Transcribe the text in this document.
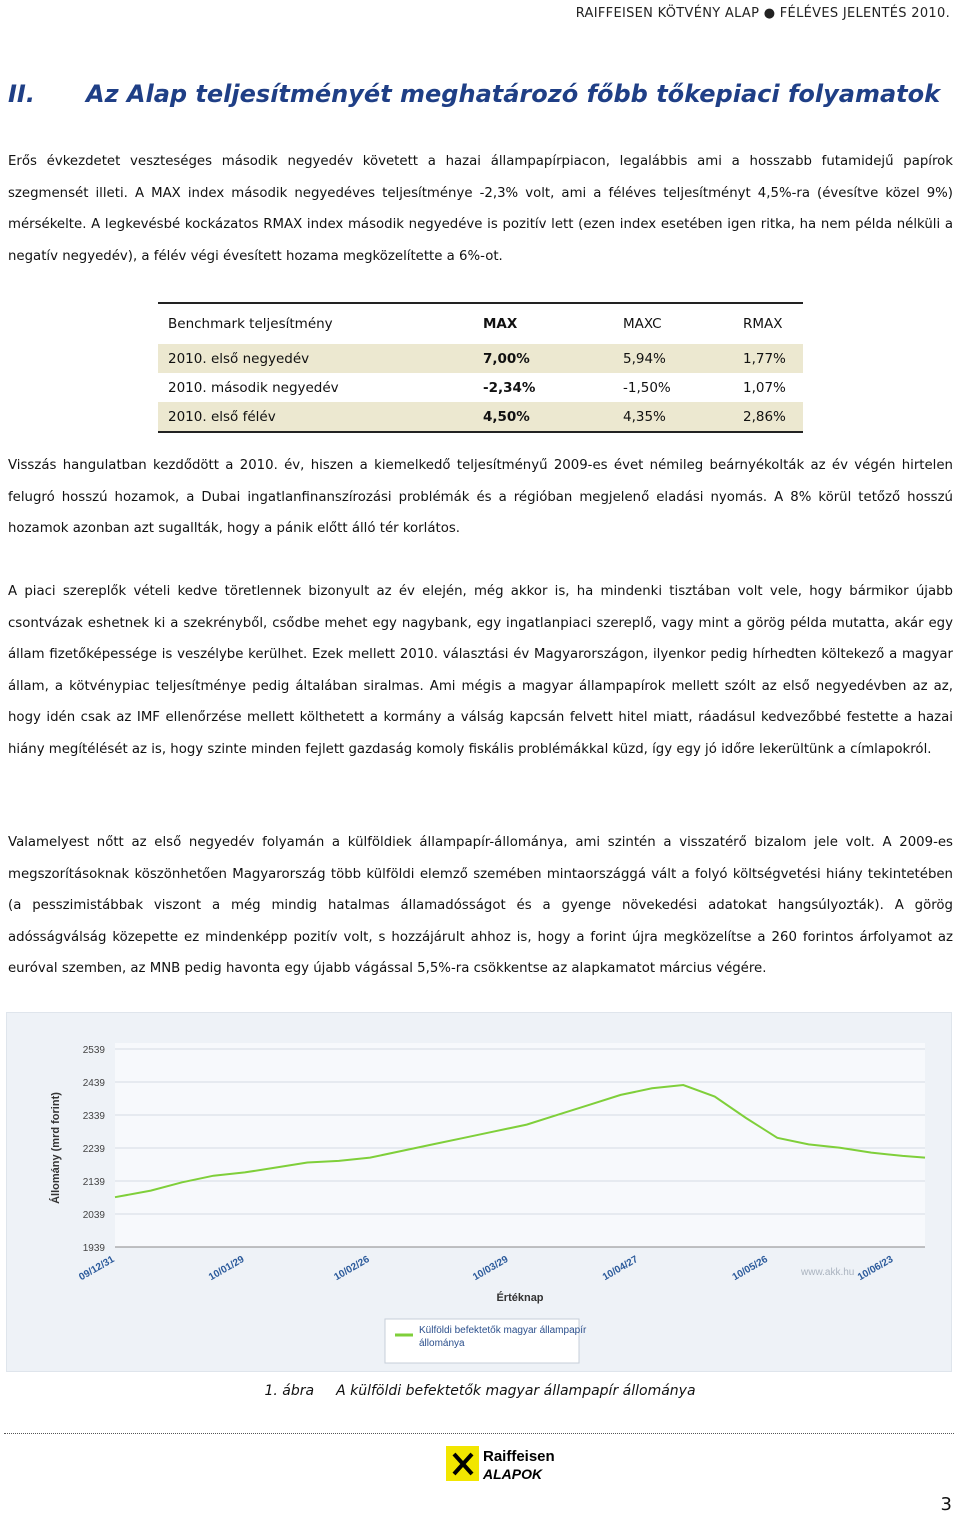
RAIFFEISEN KÖTVÉNY ALAP ● FÉLÉVES JELENTÉS 2010.
II. Az Alap teljesítményét meghatározó főbb tőkepiaci folyamatok

Erős évkezdetet veszteséges második negyedév követett a hazai állampapírpiacon, legalábbis ami a hosszabb futamidejű papírok szegmensét illeti. A MAX index második negyedéves teljesítménye -2,3% volt, ami a féléves teljesítményt 4,5%-ra (évesítve közel 9%) mérsékelte. A legkevésbé kockázatos RMAX index második negyedéve is pozitív lett (ezen index esetében igen ritka, ha nem példa nélküli a negatív negyedév), a félév végi évesített hozama megközelítette a 6%-ot.

Benchmark teljesítmény	MAX	MAXC	RMAX
2010. első negyedév	7,00%	5,94%	1,77%
2010. második negyedév	-2,34%	-1,50%	1,07%
2010. első félév	4,50%	4,35%	2,86%

Visszás hangulatban kezdődött a 2010. év, hiszen a kiemelkedő teljesítményű 2009-es évet némileg beárnyékolták az év végén hirtelen felugró hosszú hozamok, a Dubai ingatlanfinanszírozási problémák és a régióban megjelenő eladási nyomás. A 8% körül tetőző hosszú hozamok azonban azt sugallták, hogy a pánik előtt álló tér korlátos.

A piaci szereplők vételi kedve töretlennek bizonyult az év elején, még akkor is, ha mindenki tisztában volt vele, hogy bármikor újabb csontvázak eshetnek ki a szekrényből, csődbe mehet egy nagybank, egy ingatlanpiaci szereplő, vagy mint a görög példa mutatta, akár egy állam fizetőképessége is veszélybe kerülhet. Ezek mellett 2010. választási év Magyarországon, ilyenkor pedig hírhedten költekező a magyar állam, a kötvénypiac teljesítménye pedig általában siralmas. Ami mégis a magyar állampapírok mellett szólt az első negyedévben az az, hogy idén csak az IMF ellenőrzése mellett költhetett a kormány a válság kapcsán felvett hitel miatt, ráadásul kedvezőbbé festette a hazai hiány megítélését az is, hogy szinte minden fejlett gazdaság komoly fiskális problémákkal küzd, így egy jó időre lekerültünk a címlapokról.

Valamelyest nőtt az első negyedév folyamán a külföldiek állampapír-állománya, ami szintén a visszatérő bizalom jele volt. A 2009-es megszorításoknak köszönhetően Magyarország több külföldi elemző szemében mintaországgá vált a folyó költségvetési hiány tekintetében (a pesszimistábbak viszont a még mindig hatalmas államadósságot és a gyenge növekedési adatokat hangsúlyozták). A görög adósságválság közepette ez mindenképp pozitív volt, s hozzájárult ahhoz is, hogy a forint újra megközelítse a 260 forintos árfolyamot az euróval szemben, az MNB pedig havonta egy újabb vágással 5,5%-ra csökkentse az alapkamatot március végére.

1939
2039
2139
2239
2339
2439
2539
09/12/31	10/01/29	10/02/26	10/03/29	10/04/27	10/05/26	10/06/23
www.akk.hu
Értéknap
Állomány (mrd forint)
Külföldi befektetők magyar állampapír állománya
1. ábra A külföldi befektetők magyar állampapír állománya
Raiffeisen
ALAPOK
3
